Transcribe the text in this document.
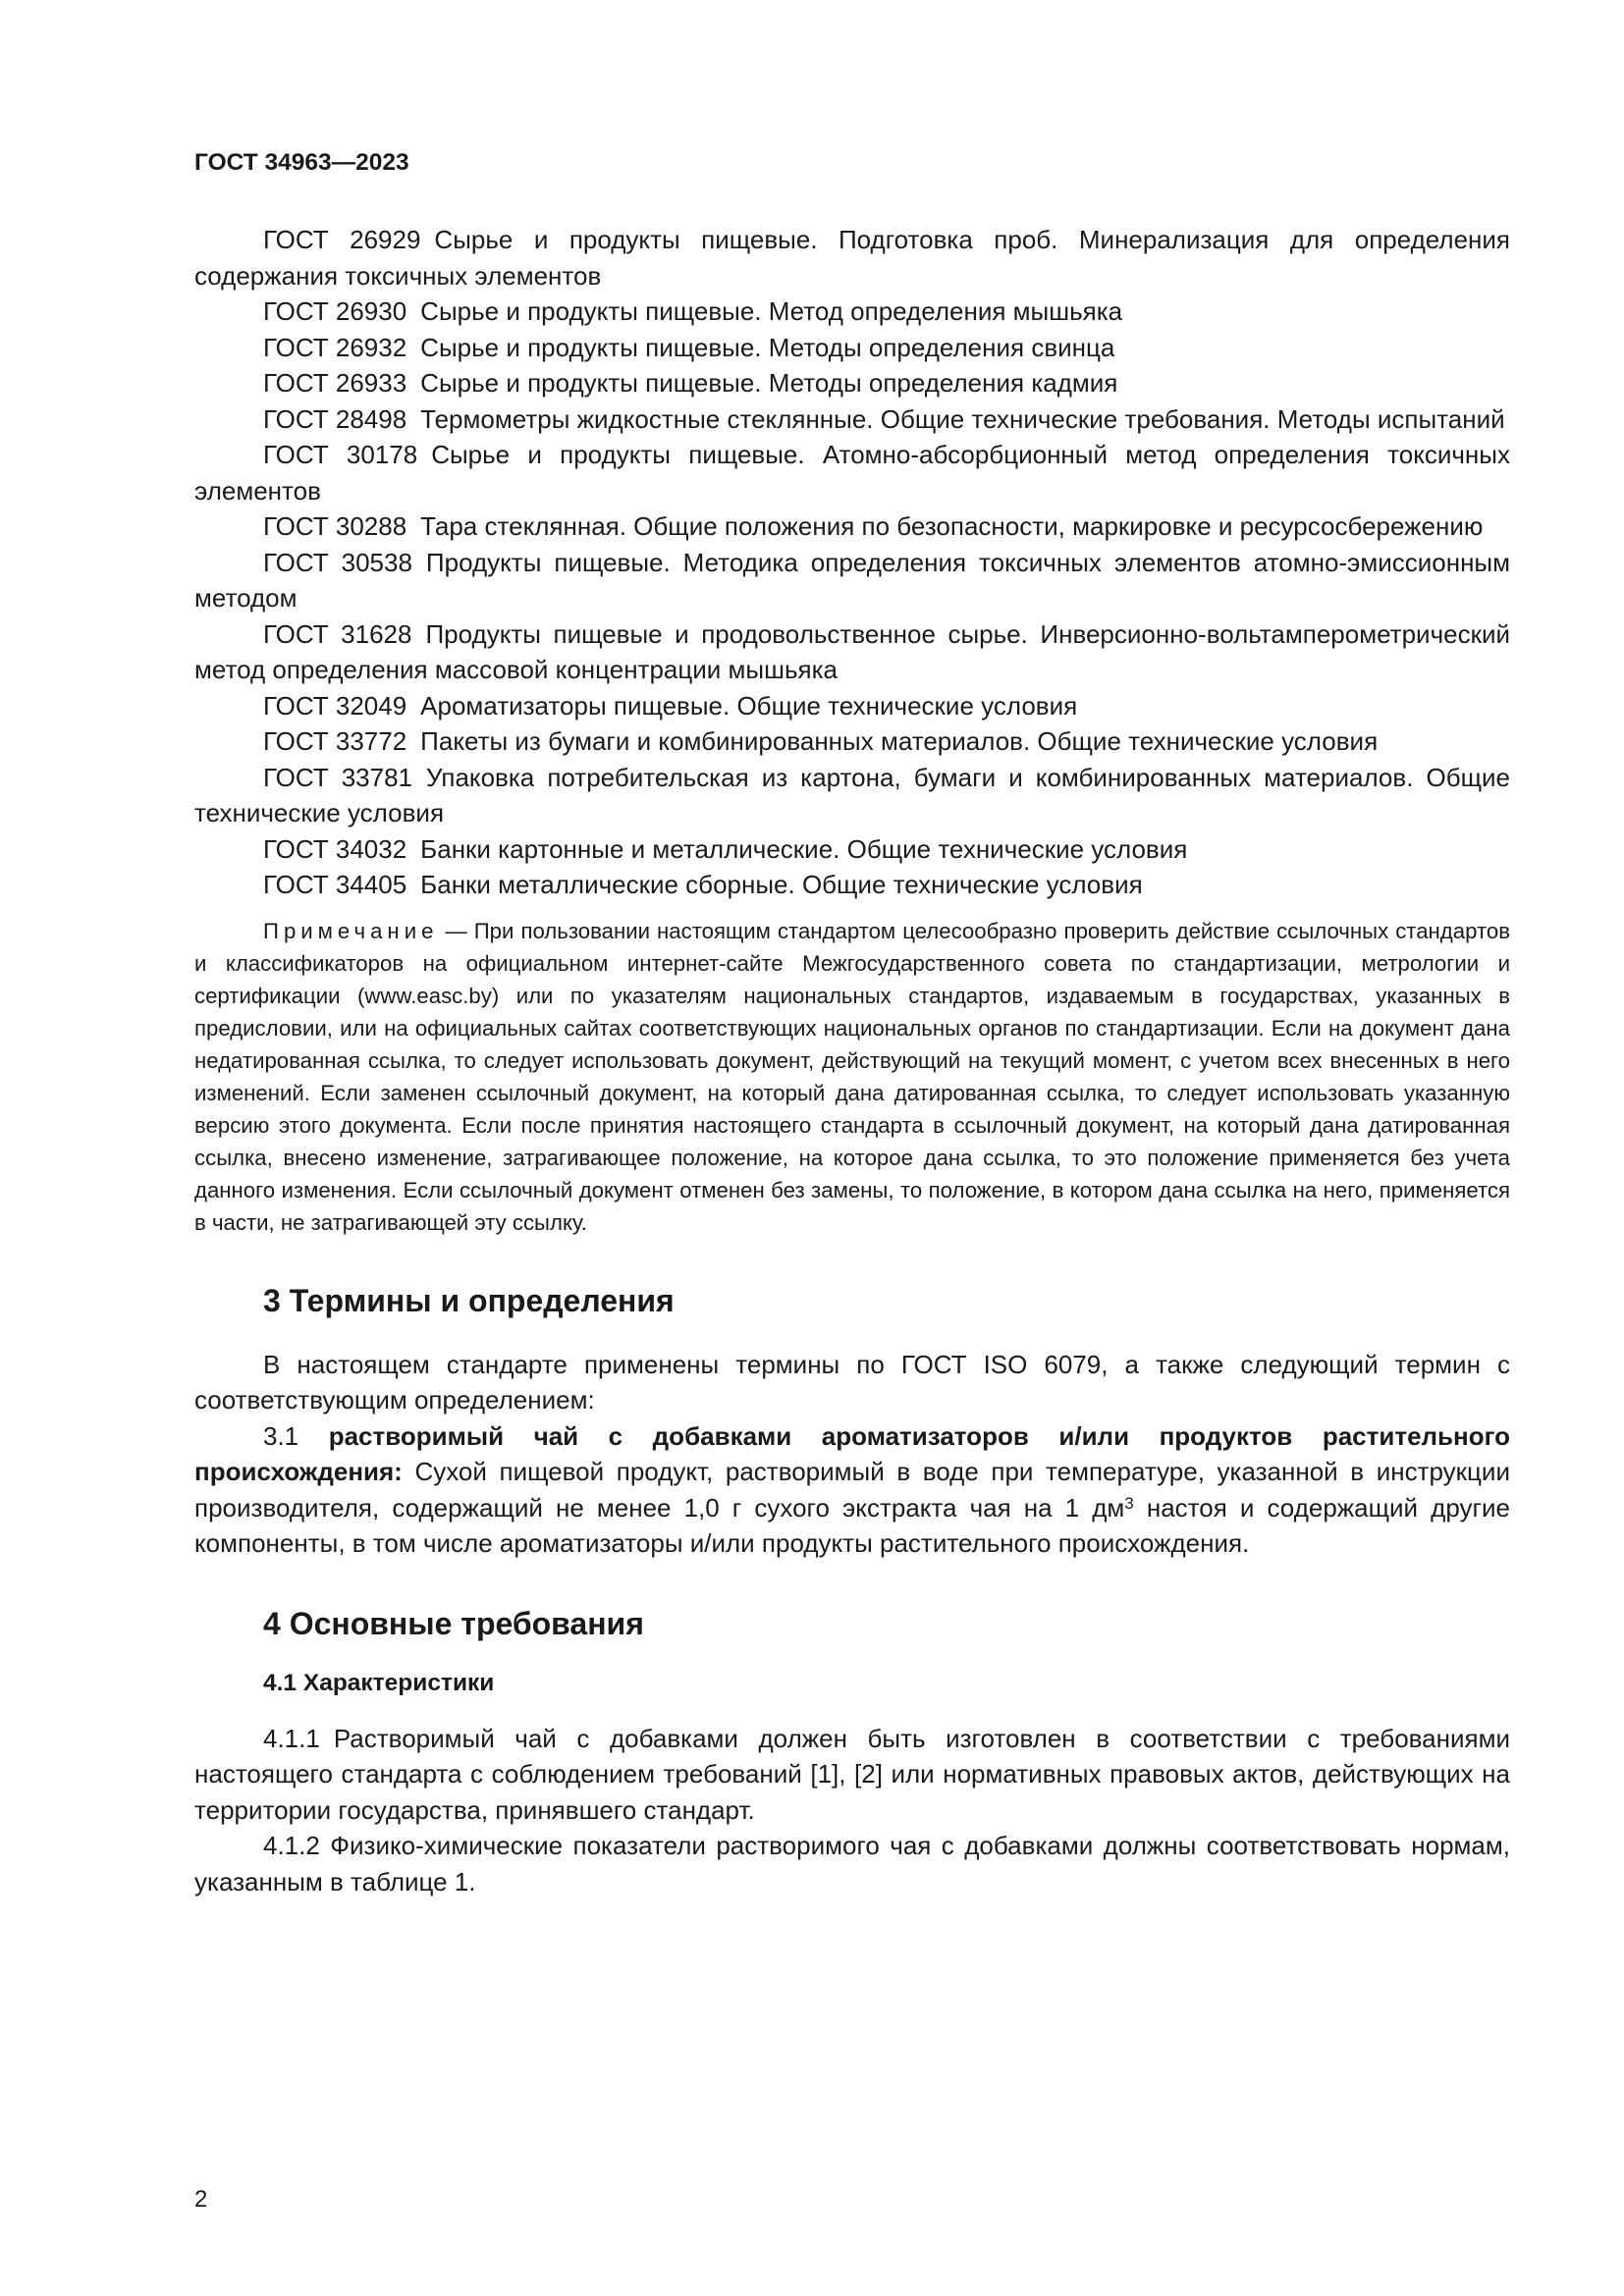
ГОСТ 34963—2023

ГОСТ 26929 Сырье и продукты пищевые. Подготовка проб. Минерализация для определения содержания токсичных элементов

ГОСТ 26930 Сырье и продукты пищевые. Метод определения мышьяка

ГОСТ 26932 Сырье и продукты пищевые. Методы определения свинца

ГОСТ 26933 Сырье и продукты пищевые. Методы определения кадмия

ГОСТ 28498 Термометры жидкостные стеклянные. Общие технические требования. Методы испытаний

ГОСТ 30178 Сырье и продукты пищевые. Атомно-абсорбционный метод определения токсичных элементов

ГОСТ 30288 Тара стеклянная. Общие положения по безопасности, маркировке и ресурсосбережению

ГОСТ 30538 Продукты пищевые. Методика определения токсичных элементов атомно-эмиссионным методом

ГОСТ 31628 Продукты пищевые и продовольственное сырье. Инверсионно-вольтамперометрический метод определения массовой концентрации мышьяка

ГОСТ 32049 Ароматизаторы пищевые. Общие технические условия

ГОСТ 33772 Пакеты из бумаги и комбинированных материалов. Общие технические условия

ГОСТ 33781 Упаковка потребительская из картона, бумаги и комбинированных материалов. Общие технические условия

ГОСТ 34032 Банки картонные и металлические. Общие технические условия

ГОСТ 34405 Банки металлические сборные. Общие технические условия

Примечание — При пользовании настоящим стандартом целесообразно проверить действие ссылочных стандартов и классификаторов на официальном интернет-сайте Межгосударственного совета по стандартизации, метрологии и сертификации (www.easc.by) или по указателям национальных стандартов, издаваемым в государствах, указанных в предисловии, или на официальных сайтах соответствующих национальных органов по стандартизации. Если на документ дана недатированная ссылка, то следует использовать документ, действующий на текущий момент, с учетом всех внесенных в него изменений. Если заменен ссылочный документ, на который дана датированная ссылка, то следует использовать указанную версию этого документа. Если после принятия настоящего стандарта в ссылочный документ, на который дана датированная ссылка, внесено изменение, затрагивающее положение, на которое дана ссылка, то это положение применяется без учета данного изменения. Если ссылочный документ отменен без замены, то положение, в котором дана ссылка на него, применяется в части, не затрагивающей эту ссылку.

3 Термины и определения

В настоящем стандарте применены термины по ГОСТ ISO 6079, а также следующий термин с соответствующим определением:

3.1 растворимый чай с добавками ароматизаторов и/или продуктов растительного происхождения: Сухой пищевой продукт, растворимый в воде при температуре, указанной в инструкции производителя, содержащий не менее 1,0 г сухого экстракта чая на 1 $дм^3$ настоя и содержащий другие компоненты, в том числе ароматизаторы и/или продукты растительного происхождения.

4 Основные требования
4.1 Характеристики

4.1.1 Растворимый чай с добавками должен быть изготовлен в соответствии с требованиями настоящего стандарта с соблюдением требований [1], [2] или нормативных правовых актов, действующих на территории государства, принявшего стандарт.

4.1.2 Физико-химические показатели растворимого чая с добавками должны соответствовать нормам, указанным в таблице 1.

2
